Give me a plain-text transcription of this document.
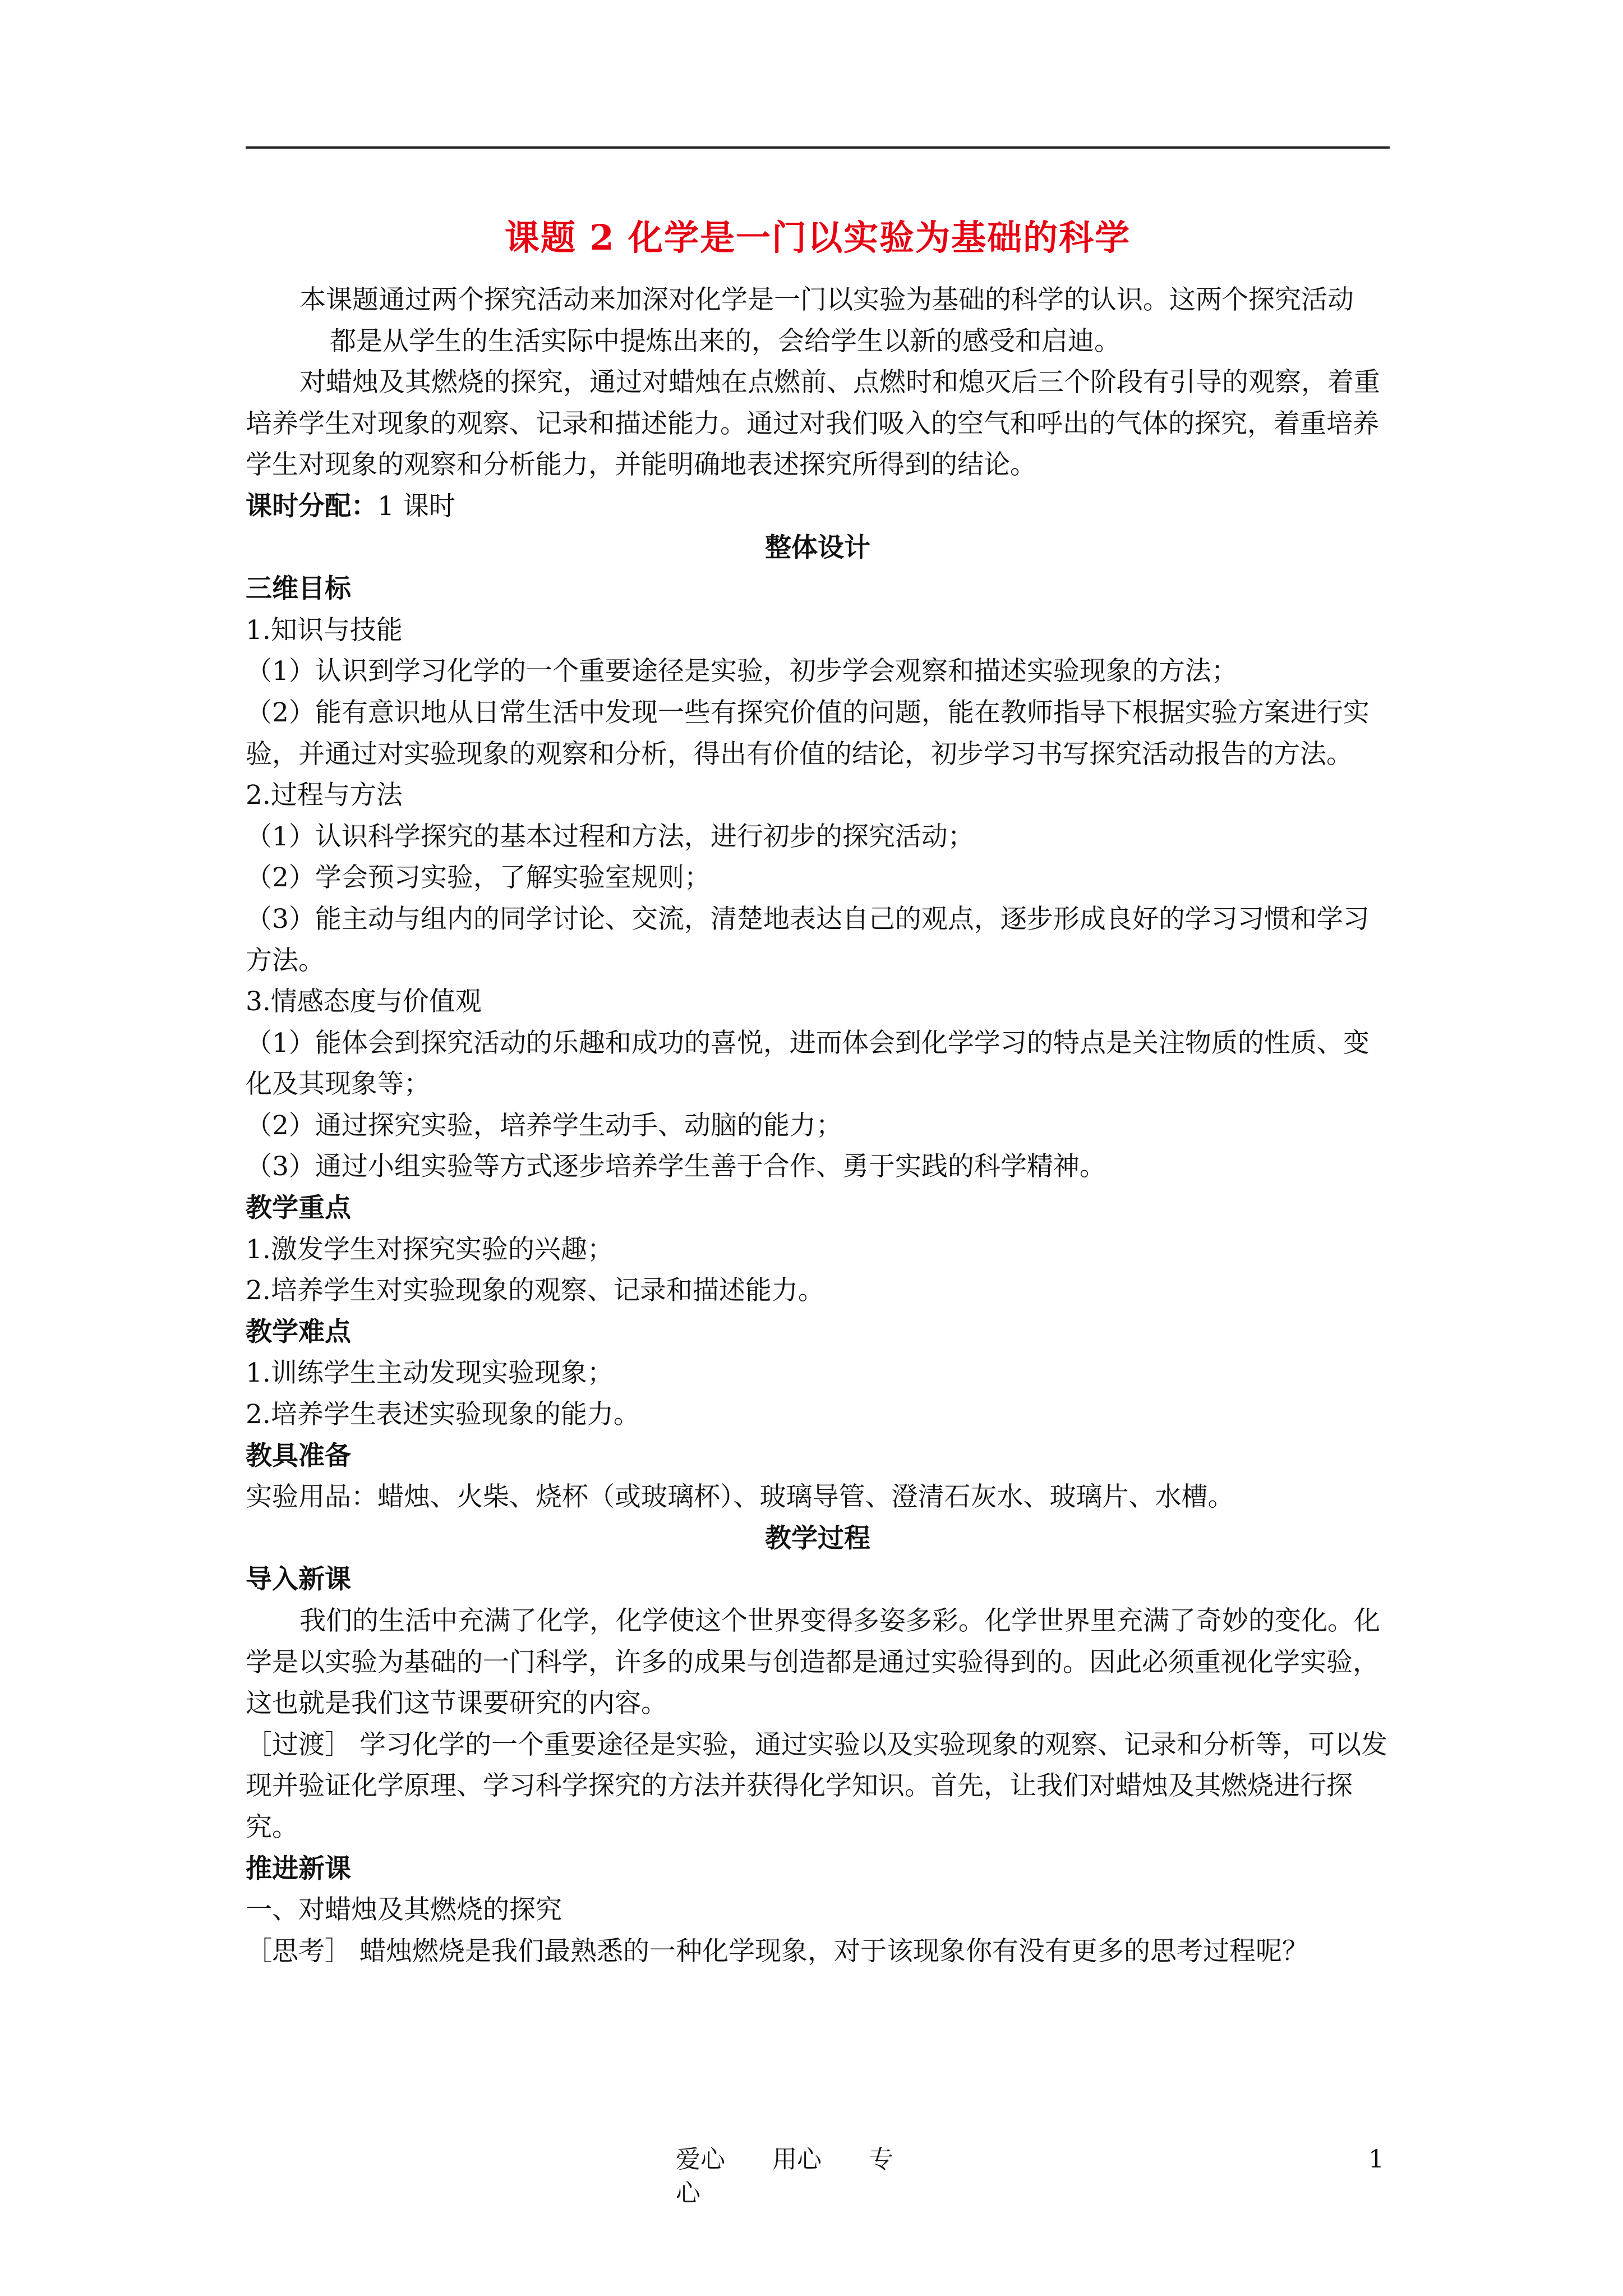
课题 2 化学是一门以实验为基础的科学

本课题通过两个探究活动来加深对化学是一门以实验为基础的科学的认识。这两个探究活动都是从学生的生活实际中提炼出来的，会给学生以新的感受和启迪。

对蜡烛及其燃烧的探究，通过对蜡烛在点燃前、点燃时和熄灭后三个阶段有引导的观察，着重培养学生对现象的观察、记录和描述能力。通过对我们吸入的空气和呼出的气体的探究，着重培养学生对现象的观察和分析能力，并能明确地表述探究所得到的结论。

课时分配：1 课时

整体设计

三维目标

1.知识与技能

（1）认识到学习化学的一个重要途径是实验，初步学会观察和描述实验现象的方法；

（2）能有意识地从日常生活中发现一些有探究价值的问题，能在教师指导下根据实验方案进行实验，并通过对实验现象的观察和分析，得出有价值的结论，初步学习书写探究活动报告的方法。

2.过程与方法

（1）认识科学探究的基本过程和方法，进行初步的探究活动；

（2）学会预习实验，了解实验室规则；

（3）能主动与组内的同学讨论、交流，清楚地表达自己的观点，逐步形成良好的学习习惯和学习方法。

3.情感态度与价值观

（1）能体会到探究活动的乐趣和成功的喜悦，进而体会到化学学习的特点是关注物质的性质、变化及其现象等；

（2）通过探究实验，培养学生动手、动脑的能力；

（3）通过小组实验等方式逐步培养学生善于合作、勇于实践的科学精神。

教学重点

1.激发学生对探究实验的兴趣；

2.培养学生对实验现象的观察、记录和描述能力。

教学难点

1.训练学生主动发现实验现象；

2.培养学生表述实验现象的能力。

教具准备

实验用品：蜡烛、火柴、烧杯（或玻璃杯）、玻璃导管、澄清石灰水、玻璃片、水槽。

教学过程

导入新课

我们的生活中充满了化学，化学使这个世界变得多姿多彩。化学世界里充满了奇妙的变化。化学是以实验为基础的一门科学，许多的成果与创造都是通过实验得到的。因此必须重视化学实验，这也就是我们这节课要研究的内容。

［过渡］ 学习化学的一个重要途径是实验，通过实验以及实验现象的观察、记录和分析等，可以发现并验证化学原理、学习科学探究的方法并获得化学知识。首先，让我们对蜡烛及其燃烧进行探究。

推进新课

一、对蜡烛及其燃烧的探究

［思考］ 蜡烛燃烧是我们最熟悉的一种化学现象，对于该现象你有没有更多的思考过程呢？

爱心 用心 专心
1
